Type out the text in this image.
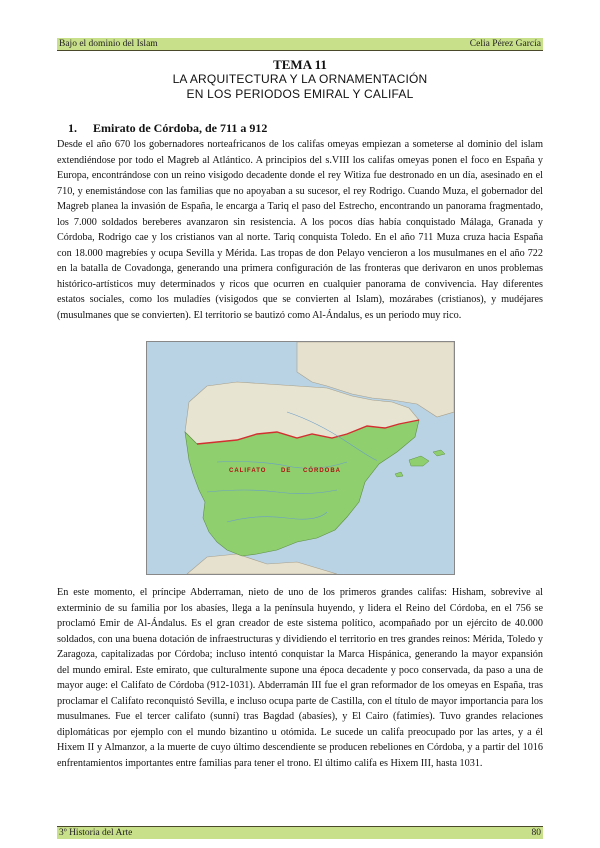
Bajo el dominio del Islam	Celia Pérez García
TEMA 11
LA ARQUITECTURA Y LA ORNAMENTACIÓN
EN LOS PERIODOS EMIRAL Y CALIFAL
1. Emirato de Córdoba, de 711 a 912

Desde el año 670 los gobernadores norteafricanos de los califas omeyas empiezan a someterse al dominio del islam extendiéndose por todo el Magreb al Atlántico. A principios del s.VIII los califas omeyas ponen el foco en España y Europa, encontrándose con un reino visigodo decadente donde el rey Witiza fue destronado en un día, asesinado en el 710, y enemistándose con las familias que no apoyaban a su sucesor, el rey Rodrigo. Cuando Muza, el gobernador del Magreb planea la invasión de España, le encarga a Tariq el paso del Estrecho, encontrando un panorama fragmentado, los 7.000 soldados bereberes avanzaron sin resistencia. A los pocos días había conquistado Málaga, Granada y Córdoba, Rodrigo cae y los cristianos van al norte. Tariq conquista Toledo. En el año 711 Muza cruza hacia España con 18.000 magrebíes y ocupa Sevilla y Mérida. Las tropas de don Pelayo vencieron a los musulmanes en el año 722 en la batalla de Covadonga, generando una primera configuración de las fronteras que derivaron en unos problemas histórico-artísticos muy determinados y ricos que ocurren en cualquier panorama de convivencia. Hay diferentes estatos sociales, como los muladíes (visigodos que se convierten al Islam), mozárabes (cristianos), y mudéjares (musulmanes que se convierten). El territorio se bautizó como Al-Ándalus, es un periodo muy rico.

CALIFATO DE CÓRDOBA

En este momento, el príncipe Abderraman, nieto de uno de los primeros grandes califas: Hisham, sobrevive al exterminio de su familia por los abasíes, llega a la península huyendo, y lidera el Reino del Córdoba, en el 756 se proclamó Emir de Al-Ándalus. Es el gran creador de este sistema político, acompañado por un ejército de 40.000 soldados, con una buena dotación de infraestructuras y dividiendo el territorio en tres grandes reinos: Mérida, Toledo y Zaragoza, capitalizadas por Córdoba; incluso intentó conquistar la Marca Hispánica, generando la mayor expansión del mundo emiral. Este emirato, que culturalmente supone una época decadente y poco conservada, da paso a una de mayor auge: el Califato de Córdoba (912-1031). Abderramán III fue el gran reformador de los omeyas en España, tras proclamar el Califato reconquistó Sevilla, e incluso ocupa parte de Castilla, con el título de mayor importancia para los musulmanes. Fue el tercer califato (sunní) tras Bagdad (abasíes), y El Cairo (fatimíes). Tuvo grandes relaciones diplomáticas por ejemplo con el mundo bizantino u otómida. Le sucede un califa preocupado por las artes, y a él Hixem II y Almanzor, a la muerte de cuyo último descendiente se producen rebeliones en Córdoba, y a partir del 1016 enfrentamientos importantes entre familias para tener el trono. El último califa es Hixem III, hasta 1031.

3º Historia del Arte	80
